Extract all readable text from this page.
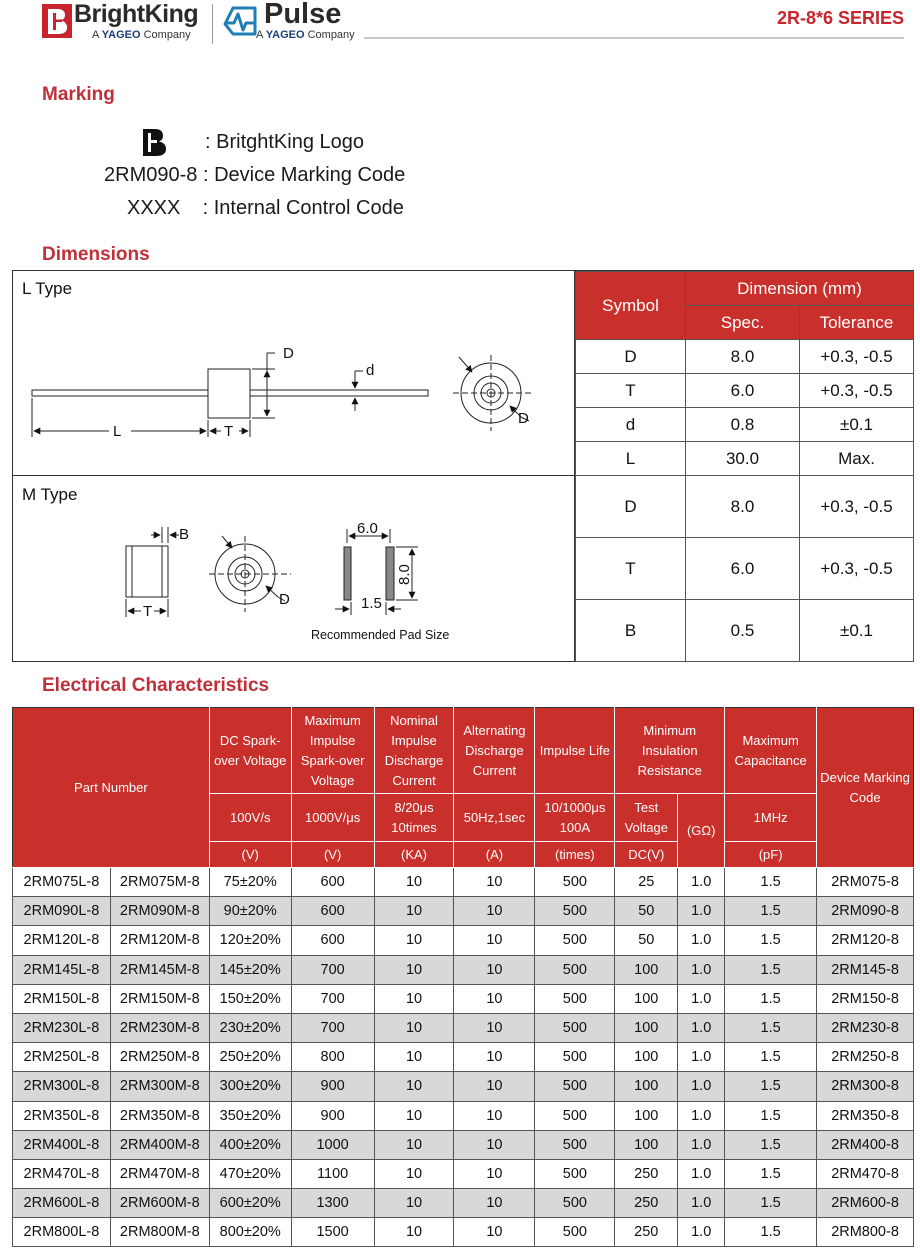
BrightKing
A YAGEO Company
Pulse
A YAGEO Company
2R-8*6 SERIES
Marking
: BritghtKing Logo
2RM090-8 : Device Marking Code
XXXX : Internal Control Code
Dimensions
L Type
M Type
D
d
L	T
D
B
T
D
6.0
8.0
1.5
Recommended Pad Size
Symbol	Dimension (mm)	
	Spec.	Tolerance
D	8.0	+0.3, -0.5
T	6.0	+0.3, -0.5
d	0.8	±0.1
L	30.0	Max.
D	8.0	+0.3, -0.5
T	6.0	+0.3, -0.5
B	0.5	±0.1
Electrical Characteristics
Part Number		DC Spark-over Voltage	Maximum Impulse Spark-over Voltage	Nominal Impulse Discharge Current	Alternating Discharge Current	Impulse Life	Minimum Insulation Resistance		Maximum Capacitance	Device Marking Code
		100V/s	1000V/μs	8/20μs 10times	50Hz,1sec	10/1000μs 100A	Test Voltage	(GΩ)	1MHz	
		(V)	(V)	(KA)	(A)	(times)	DC(V)		(pF)	
2RM075L-8	2RM075M-8	75±20%	600	10	10	500	25	1.0	1.5	2RM075-8
2RM090L-8	2RM090M-8	90±20%	600	10	10	500	50	1.0	1.5	2RM090-8
2RM120L-8	2RM120M-8	120±20%	600	10	10	500	50	1.0	1.5	2RM120-8
2RM145L-8	2RM145M-8	145±20%	700	10	10	500	100	1.0	1.5	2RM145-8
2RM150L-8	2RM150M-8	150±20%	700	10	10	500	100	1.0	1.5	2RM150-8
2RM230L-8	2RM230M-8	230±20%	700	10	10	500	100	1.0	1.5	2RM230-8
2RM250L-8	2RM250M-8	250±20%	800	10	10	500	100	1.0	1.5	2RM250-8
2RM300L-8	2RM300M-8	300±20%	900	10	10	500	100	1.0	1.5	2RM300-8
2RM350L-8	2RM350M-8	350±20%	900	10	10	500	100	1.0	1.5	2RM350-8
2RM400L-8	2RM400M-8	400±20%	1000	10	10	500	100	1.0	1.5	2RM400-8
2RM470L-8	2RM470M-8	470±20%	1100	10	10	500	250	1.0	1.5	2RM470-8
2RM600L-8	2RM600M-8	600±20%	1300	10	10	500	250	1.0	1.5	2RM600-8
2RM800L-8	2RM800M-8	800±20%	1500	10	10	500	250	1.0	1.5	2RM800-8
